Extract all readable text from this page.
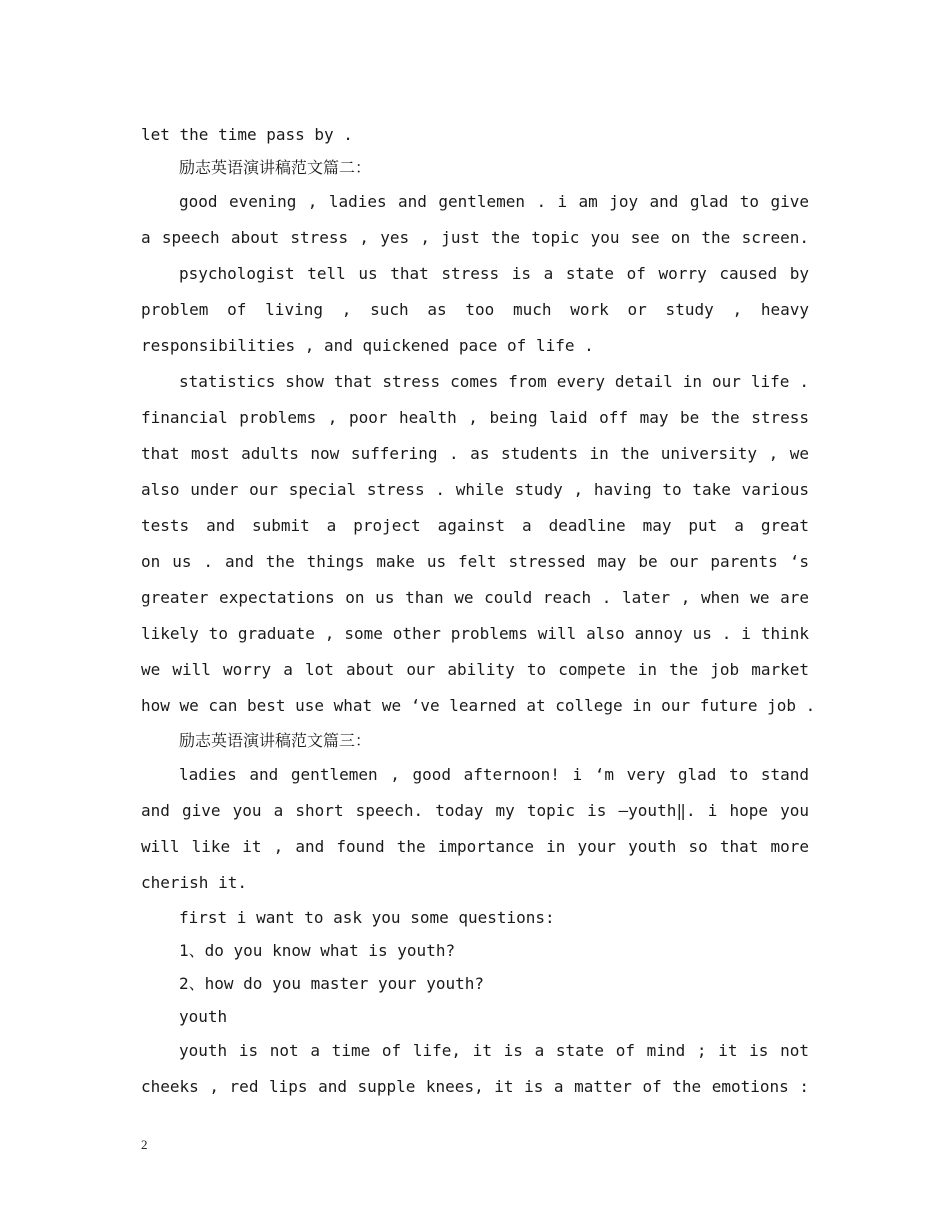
let the time pass by .
励志英语演讲稿范文篇二：
good evening , ladies and gentlemen . i am joy and glad to give
a speech about stress , yes , just the topic you see on the screen.
psychologist tell us that stress is a state of worry caused by
problem of living , such as too much work or study , heavy
responsibilities , and quickened pace of life .
statistics show that stress comes from every detail in our life .
financial problems , poor health , being laid off may be the stress
that most adults now suffering . as students in the university , we
also under our special stress . while study , having to take various
tests and submit a project against a deadline may put a great
on us . and the things make us felt stressed may be our parents ‘s
greater expectations on us than we could reach . later , when we are
likely to graduate , some other problems will also annoy us . i think
we will worry a lot about our ability to compete in the job market
how we can best use what we ‘ve learned at college in our future job .
励志英语演讲稿范文篇三：
ladies and gentlemen , good afternoon! i ‘m very glad to stand
and give you a short speech. today my topic is ―youth‖. i hope you
will like it , and found the importance in your youth so that more
cherish it.
first i want to ask you some questions:
1、do you know what is youth?
2、how do you master your youth?
youth
youth is not a time of life, it is a state of mind ; it is not
cheeks , red lips and supple knees, it is a matter of the emotions :
2
